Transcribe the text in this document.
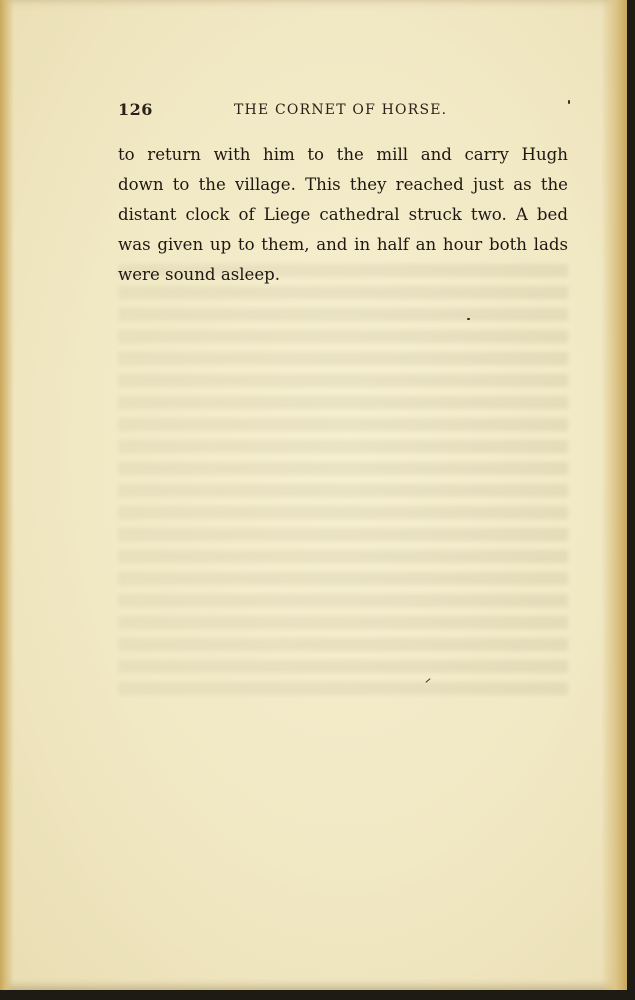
126	THE CORNET OF HORSE.

to return with him to the mill and carry Hugh
down to the village. This they reached just as the
distant clock of Liege cathedral struck two. A bed
was given up to them, and in half an hour both lads
were sound asleep.
